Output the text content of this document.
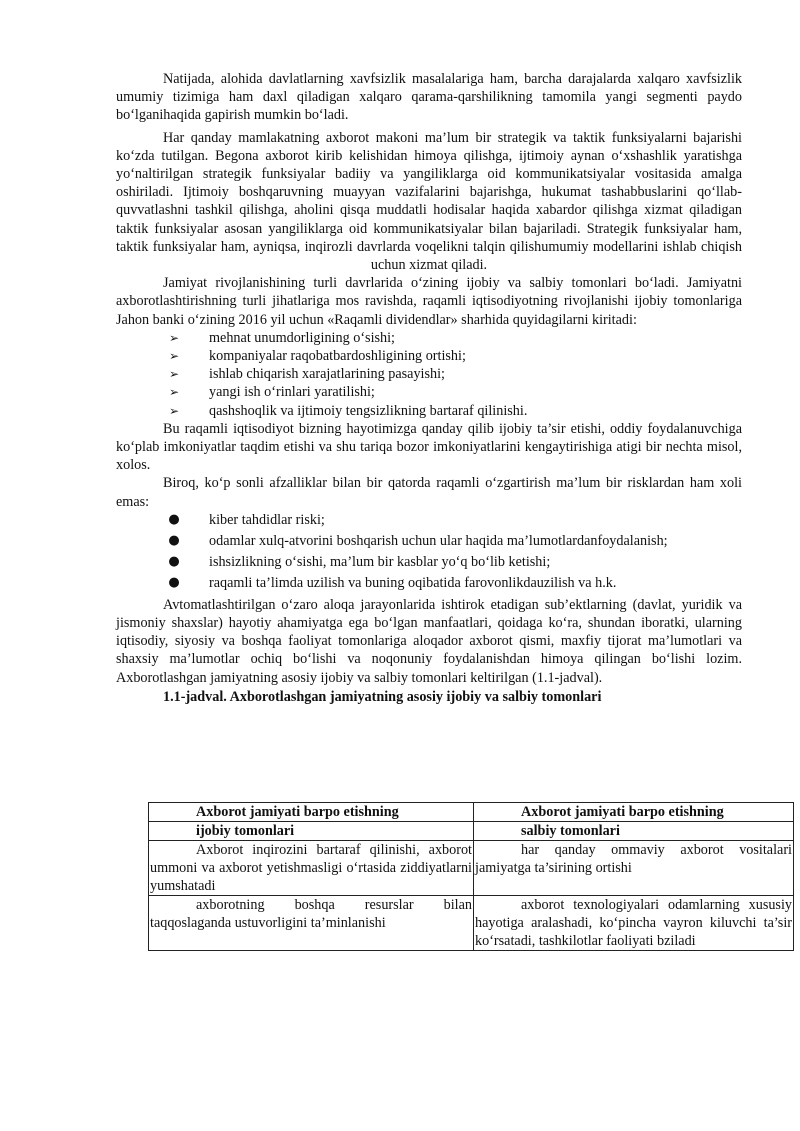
Natijada, alohida davlatlarning xavfsizlik masalalariga ham, barcha darajalarda xalqaro xavfsizlik umumiy tizimiga ham daxl qiladigan xalqaro qarama-qarshilikning tamomila yangi segmenti paydo bo‘lganihaqida gapirish mumkin bo‘ladi.

Har qanday mamlakatning axborot makoni ma’lum bir strategik va taktik funksiyalarni bajarishi ko‘zda tutilgan. Begona axborot kirib kelishidan himoya qilishga, ijtimoiy aynan o‘xshashlik yaratishga yo‘naltirilgan strategik funksiyalar badiiy va yangiliklarga oid kommunikatsiyalar vositasida amalga oshiriladi. Ijtimoiy boshqaruvning muayyan vazifalarini bajarishga, hukumat tashabbuslarini qo‘llab- quvvatlashni tashkil qilishga, aholini qisqa muddatli hodisalar haqida xabardor qilishga xizmat qiladigan taktik funksiyalar asosan yangiliklarga oid kommunikatsiyalar bilan bajariladi. Strategik funksiyalar ham, taktik funksiyalar ham, ayniqsa, inqirozli davrlarda voqelikni talqin qilishumumiy modellarini ishlab chiqish uchun xizmat qiladi.

Jamiyat rivojlanishining turli davrlarida o‘zining ijobiy va salbiy tomonlari bo‘ladi. Jamiyatni axborotlashtirishning turli jihatlariga mos ravishda, raqamli iqtisodiyotning rivojlanishi ijobiy tomonlariga Jahon banki o‘zining 2016 yil uchun «Raqamli dividendlar» sharhida quyidagilarni kiritadi:

➢	mehnat unumdorligining o‘sishi;
➢	kompaniyalar raqobatbardoshligining ortishi;
➢	ishlab chiqarish xarajatlarining pasayishi;
➢	yangi ish o‘rinlari yaratilishi;
➢	qashshoqlik va ijtimoiy tengsizlikning bartaraf qilinishi.

Bu raqamli iqtisodiyot bizning hayotimizga qanday qilib ijobiy ta’sir etishi, oddiy foydalanuvchiga ko‘plab imkoniyatlar taqdim etishi va shu tariqa bozor imkoniyatlarini kengaytirishiga atigi bir nechta misol, xolos.

Biroq, ko‘p sonli afzalliklar bilan bir qatorda raqamli o‘zgartirish ma’lum bir risklardan ham xoli emas:

●	kiber tahdidlar riski;
●	odamlar xulq-atvorini boshqarish uchun ular haqida ma’lumotlardanfoydalanish;
●	ishsizlikning o‘sishi, ma’lum bir kasblar yo‘q bo‘lib ketishi;
●	raqamli ta’limda uzilish va buning oqibatida farovonlikdauzilish va h.k.

Avtomatlashtirilgan o‘zaro aloqa jarayonlarida ishtirok etadigan sub’ektlarning (davlat, yuridik va jismoniy shaxslar) hayotiy ahamiyatga ega bo‘lgan manfaatlari, qoidaga ko‘ra, shundan iboratki, ularning iqtisodiy, siyosiy va boshqa faoliyat tomonlariga aloqador axborot qismi, maxfiy tijorat ma’lumotlari va shaxsiy ma’lumotlar ochiq bo‘lishi va noqonuniy foydalanishdan himoya qilingan bo‘lishi lozim. Axborotlashgan jamiyatning asosiy ijobiy va salbiy tomonlari keltirilgan (1.1-jadval).

1.1-jadval. Axborotlashgan jamiyatning asosiy ijobiy va salbiy tomonlari

Axborot jamiyati barpo etishning	Axborot jamiyati barpo etishning
ijobiy tomonlari	salbiy tomonlari
Axborot inqirozini bartaraf qilinishi, axborot ummoni va axborot yetishmasligi o‘rtasida ziddiyatlarni yumshatadi	har qanday ommaviy axborot vositalari jamiyatga ta’sirining ortishi
axborotning boshqa resurslar bilan taqqoslaganda ustuvorligini ta’minlanishi	axborot texnologiyalari odamlarning xususiy hayotiga aralashadi, ko‘pincha vayron kiluvchi ta’sir ko‘rsatadi, tashkilotlar faoliyati bziladi
